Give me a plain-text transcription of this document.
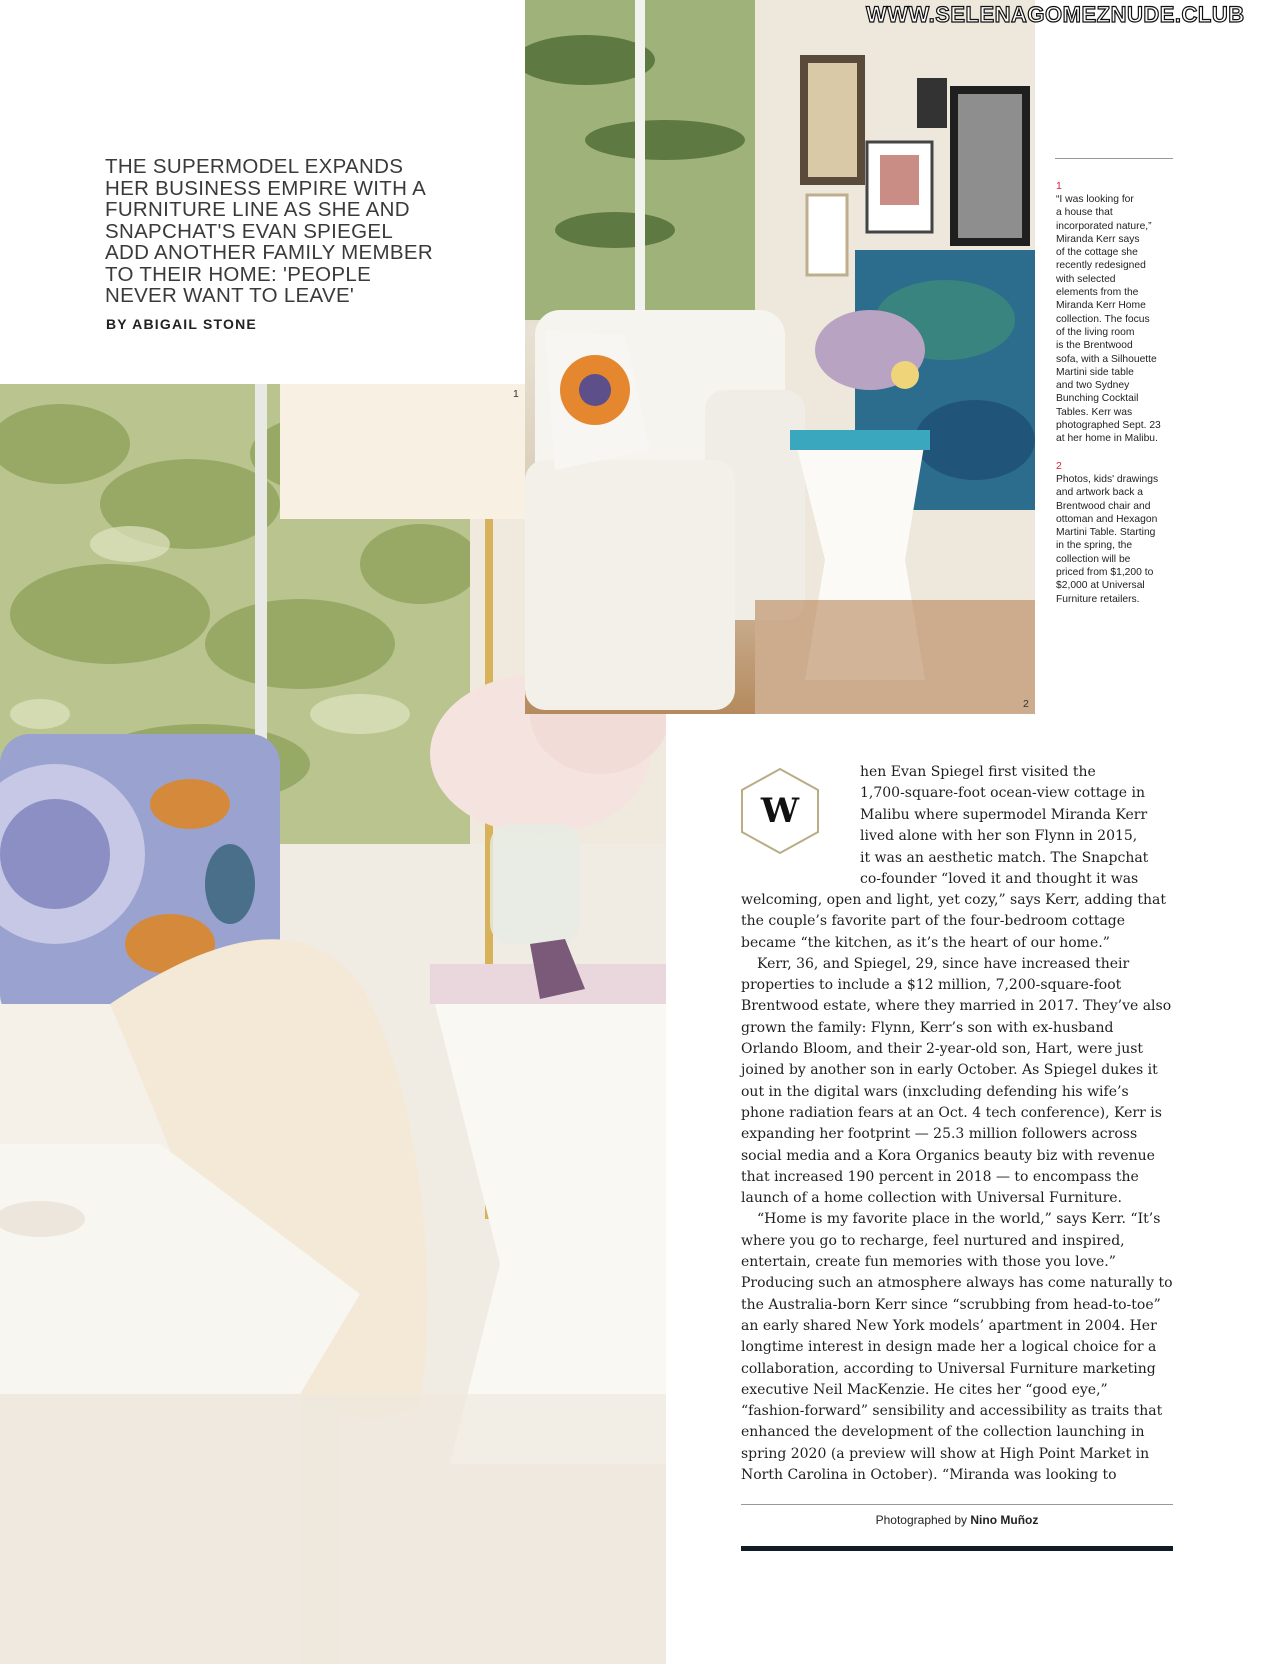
1

2

WWW.SELENAGOMEZNUDE.CLUB

THE SUPERMODEL EXPANDS
HER BUSINESS EMPIRE WITH A
FURNITURE LINE AS SHE AND
SNAPCHAT'S EVAN SPIEGEL
ADD ANOTHER FAMILY MEMBER
TO THEIR HOME: 'PEOPLE
NEVER WANT TO LEAVE'

BY ABIGAIL STONE

1

“I was looking for
a house that
incorporated nature,”
Miranda Kerr says
of the cottage she
recently redesigned
with selected
elements from the
Miranda Kerr Home
collection. The focus
of the living room
is the Brentwood
sofa, with a Silhouette
Martini side table
and two Sydney
Bunching Cocktail
Tables. Kerr was
photographed Sept. 23
at her home in Malibu.

2

Photos, kids' drawings
and artwork back a
Brentwood chair and
ottoman and Hexagon
Martini Table. Starting
in the spring, the
collection will be
priced from $1,200 to
$2,000 at Universal
Furniture retailers.

W

hen Evan Spiegel first visited the
1,700-square-foot ocean-view cottage in
Malibu where supermodel Miranda Kerr
lived alone with her son Flynn in 2015,
it was an aesthetic match. The Snapchat
co-founder “loved it and thought it was

welcoming, open and light, yet cozy,” says Kerr, adding that the couple’s favorite part of the four-bedroom cottage became “the kitchen, as it’s the heart of our home.”

Kerr, 36, and Spiegel, 29, since have increased their properties to include a $12 million, 7,200-square-foot Brentwood estate, where they married in 2017. They’ve also grown the family: Flynn, Kerr’s son with ex-husband Orlando Bloom, and their 2-year-old son, Hart, were just joined by another son in early October. As Spiegel dukes it out in the digital wars (inxcluding defending his wife’s phone radiation fears at an Oct. 4 tech conference), Kerr is expanding her footprint — 25.3 million followers across social media and a Kora Organics beauty biz with revenue that increased 190 percent in 2018 — to encompass the launch of a home collection with Universal Furniture.

“Home is my favorite place in the world,” says Kerr. “It’s where you go to recharge, feel nurtured and inspired, entertain, create fun memories with those you love.” Producing such an atmosphere always has come naturally to the Australia-born Kerr since “scrubbing from head-to-toe” an early shared New York models’ apartment in 2004. Her longtime interest in design made her a logical choice for a collaboration, according to Universal Furniture marketing executive Neil MacKenzie. He cites her “good eye,” “fashion-forward” sensibility and accessibility as traits that enhanced the development of the collection launching in spring 2020 (a preview will show at High Point Market in North Carolina in October). “Miranda was looking to

Photographed by Nino Muñoz
